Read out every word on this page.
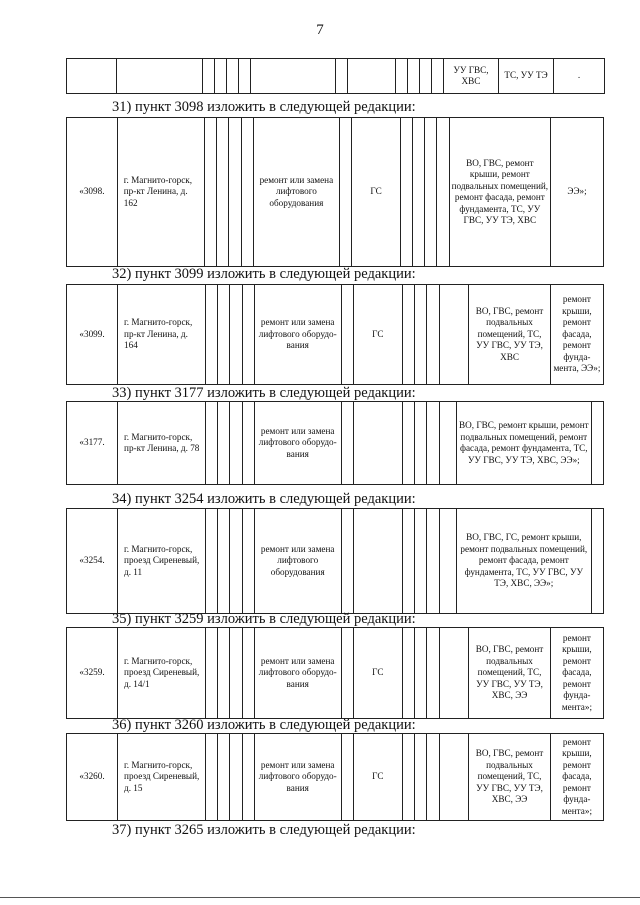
7
													УУ ГВС, ХВС	ТС, УУ ТЭ	.
31) пункт 3098 изложить в следующей редакции:
«3098.	г. Магнито-горск, пр-кт Ленина, д. 162					ремонт или замена лифтового оборудования		ГС					ВО, ГВС, ремонт крыши, ремонт подвальных помещений, ремонт фасада, ремонт фундамента, ТС, УУ ГВС, УУ ТЭ, ХВС	ЭЭ»;
32) пункт 3099 изложить в следующей редакции:
«3099.	г. Магнито-горск, пр-кт Ленина, д. 164					ремонт или замена лифтового оборудо-вания		ГС					ВО, ГВС, ремонт подвальных помещений, ТС, УУ ГВС, УУ ТЭ, ХВС	ремонт крыши, ремонт фасада, ремонт фунда-мента, ЭЭ»;
33) пункт 3177 изложить в следующей редакции:
«3177.	г. Магнито-горск, пр-кт Ленина, д. 78					ремонт или замена лифтового оборудо-вания							ВО, ГВС, ремонт крыши, ремонт подвальных помещений, ремонт фасада, ремонт фундамента, ТС, УУ ГВС, УУ ТЭ, ХВС, ЭЭ»;	
34) пункт 3254 изложить в следующей редакции:
«3254.	г. Магнито-горск, проезд Сиреневый, д. 11					ремонт или замена лифтового оборудования							ВО, ГВС, ГС, ремонт крыши, ремонт подвальных помещений, ремонт фасада, ремонт фундамента, ТС, УУ ГВС, УУ ТЭ, ХВС, ЭЭ»;	
35) пункт 3259 изложить в следующей редакции:
«3259.	г. Магнито-горск, проезд Сиреневый, д. 14/1					ремонт или замена лифтового оборудо-вания		ГС					ВО, ГВС, ремонт подвальных помещений, ТС, УУ ГВС, УУ ТЭ, ХВС, ЭЭ	ремонт крыши, ремонт фасада, ремонт фунда-мента»;
36) пункт 3260 изложить в следующей редакции:
«3260.	г. Магнито-горск, проезд Сиреневый, д. 15					ремонт или замена лифтового оборудо-вания		ГС					ВО, ГВС, ремонт подвальных помещений, ТС, УУ ГВС, УУ ТЭ, ХВС, ЭЭ	ремонт крыши, ремонт фасада, ремонт фунда-мента»;
37) пункт 3265 изложить в следующей редакции:
